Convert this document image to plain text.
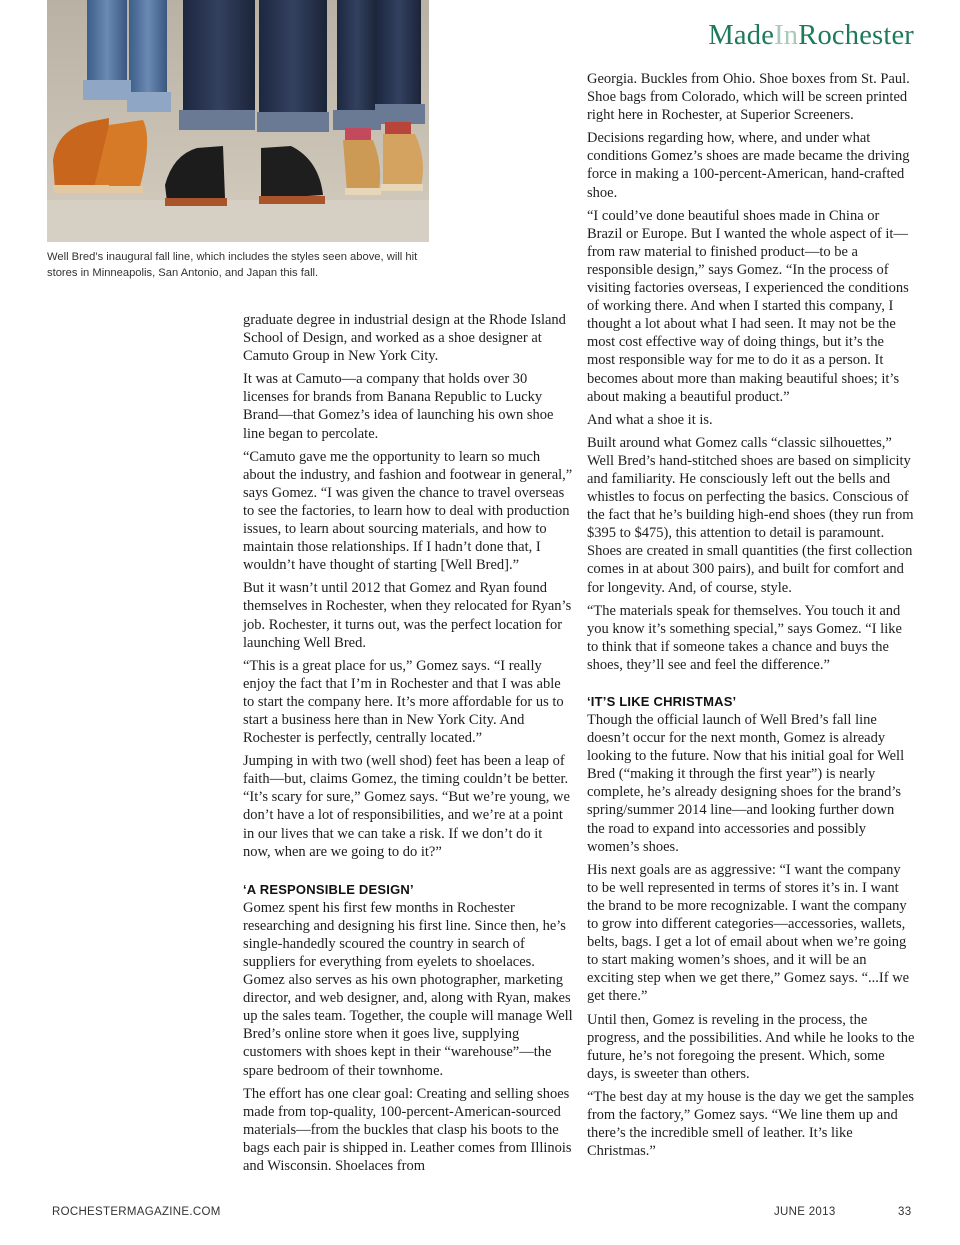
Well Bred’s inaugural fall line, which includes the styles seen above, will hit stores in Minneapolis, San Antonio, and Japan this fall.
MadeInRochester

graduate degree in industrial design at the Rhode Island School of Design, and worked as a shoe designer at Camuto Group in New York City.

It was at Camuto—a company that holds over 30 licenses for brands from Banana Republic to Lucky Brand—that Gomez’s idea of launching his own shoe line began to percolate.

“Camuto gave me the opportunity to learn so much about the industry, and fashion and footwear in general,” says Gomez. “I was given the chance to travel overseas to see the factories, to learn how to deal with production issues, to learn about sourcing materials, and how to maintain those relationships. If I hadn’t done that, I wouldn’t have thought of starting [Well Bred].”

But it wasn’t until 2012 that Gomez and Ryan found themselves in Rochester, when they relocated for Ryan’s job. Rochester, it turns out, was the perfect location for launching Well Bred.

“This is a great place for us,” Gomez says. “I really enjoy the fact that I’m in Rochester and that I was able to start the company here. It’s more affordable for us to start a business here than in New York City. And Rochester is perfectly, centrally located.”

Jumping in with two (well shod) feet has been a leap of faith—but, claims Gomez, the timing couldn’t be better. “It’s scary for sure,” Gomez says. “But we’re young, we don’t have a lot of responsibilities, and we’re at a point in our lives that we can take a risk. If we don’t do it now, when are we going to do it?”

‘A RESPONSIBLE DESIGN’

Gomez spent his first few months in Rochester researching and designing his first line. Since then, he’s single-handedly scoured the country in search of suppliers for everything from eyelets to shoelaces. Gomez also serves as his own photographer, marketing director, and web designer, and, along with Ryan, makes up the sales team. Together, the couple will manage Well Bred’s online store when it goes live, supplying customers with shoes kept in their “warehouse”—the spare bedroom of their townhome.

The effort has one clear goal: Creating and selling shoes made from top-quality, 100-percent-American-sourced materials—from the buckles that clasp his boots to the bags each pair is shipped in. Leather comes from Illinois and Wisconsin. Shoelaces from

Georgia. Buckles from Ohio. Shoe boxes from St. Paul. Shoe bags from Colorado, which will be screen printed right here in Rochester, at Superior Screeners.

Decisions regarding how, where, and under what conditions Gomez’s shoes are made became the driving force in making a 100-percent-American, hand-crafted shoe.

“I could’ve done beautiful shoes made in China or Brazil or Europe. But I wanted the whole aspect of it—from raw material to finished product—to be a responsible design,” says Gomez. “In the process of visiting factories overseas, I experienced the conditions of working there. And when I started this company, I thought a lot about what I had seen. It may not be the most cost effective way of doing things, but it’s the most responsible way for me to do it as a person. It becomes about more than making beautiful shoes; it’s about making a beautiful product.”

And what a shoe it is.

Built around what Gomez calls “classic silhouettes,” Well Bred’s hand-stitched shoes are based on simplicity and familiarity. He consciously left out the bells and whistles to focus on perfecting the basics. Conscious of the fact that he’s building high-end shoes (they run from $395 to $475), this attention to detail is paramount. Shoes are created in small quantities (the first collection comes in at about 300 pairs), and built for comfort and for longevity. And, of course, style.

“The materials speak for themselves. You touch it and you know it’s something special,” says Gomez. “I like to think that if someone takes a chance and buys the shoes, they’ll see and feel the difference.”

‘IT’S LIKE CHRISTMAS’

Though the official launch of Well Bred’s fall line doesn’t occur for the next month, Gomez is already looking to the future. Now that his initial goal for Well Bred (“making it through the first year”) is nearly complete, he’s already designing shoes for the brand’s spring/summer 2014 line—and looking further down the road to expand into accessories and possibly women’s shoes.

His next goals are as aggressive: “I want the company to be well represented in terms of stores it’s in. I want the brand to be more recognizable. I want the company to grow into different categories—accessories, wallets, belts, bags. I get a lot of email about when we’re going to start making women’s shoes, and it will be an exciting step when we get there,” Gomez says. “...If we get there.”

Until then, Gomez is reveling in the process, the progress, and the possibilities. And while he looks to the future, he’s not foregoing the present. Which, some days, is sweeter than others.

“The best day at my house is the day we get the samples from the factory,” Gomez says. “We line them up and there’s the incredible smell of leather. It’s like Christmas.”

ROCHESTERMAGAZINE.COM	JUNE 2013	33
